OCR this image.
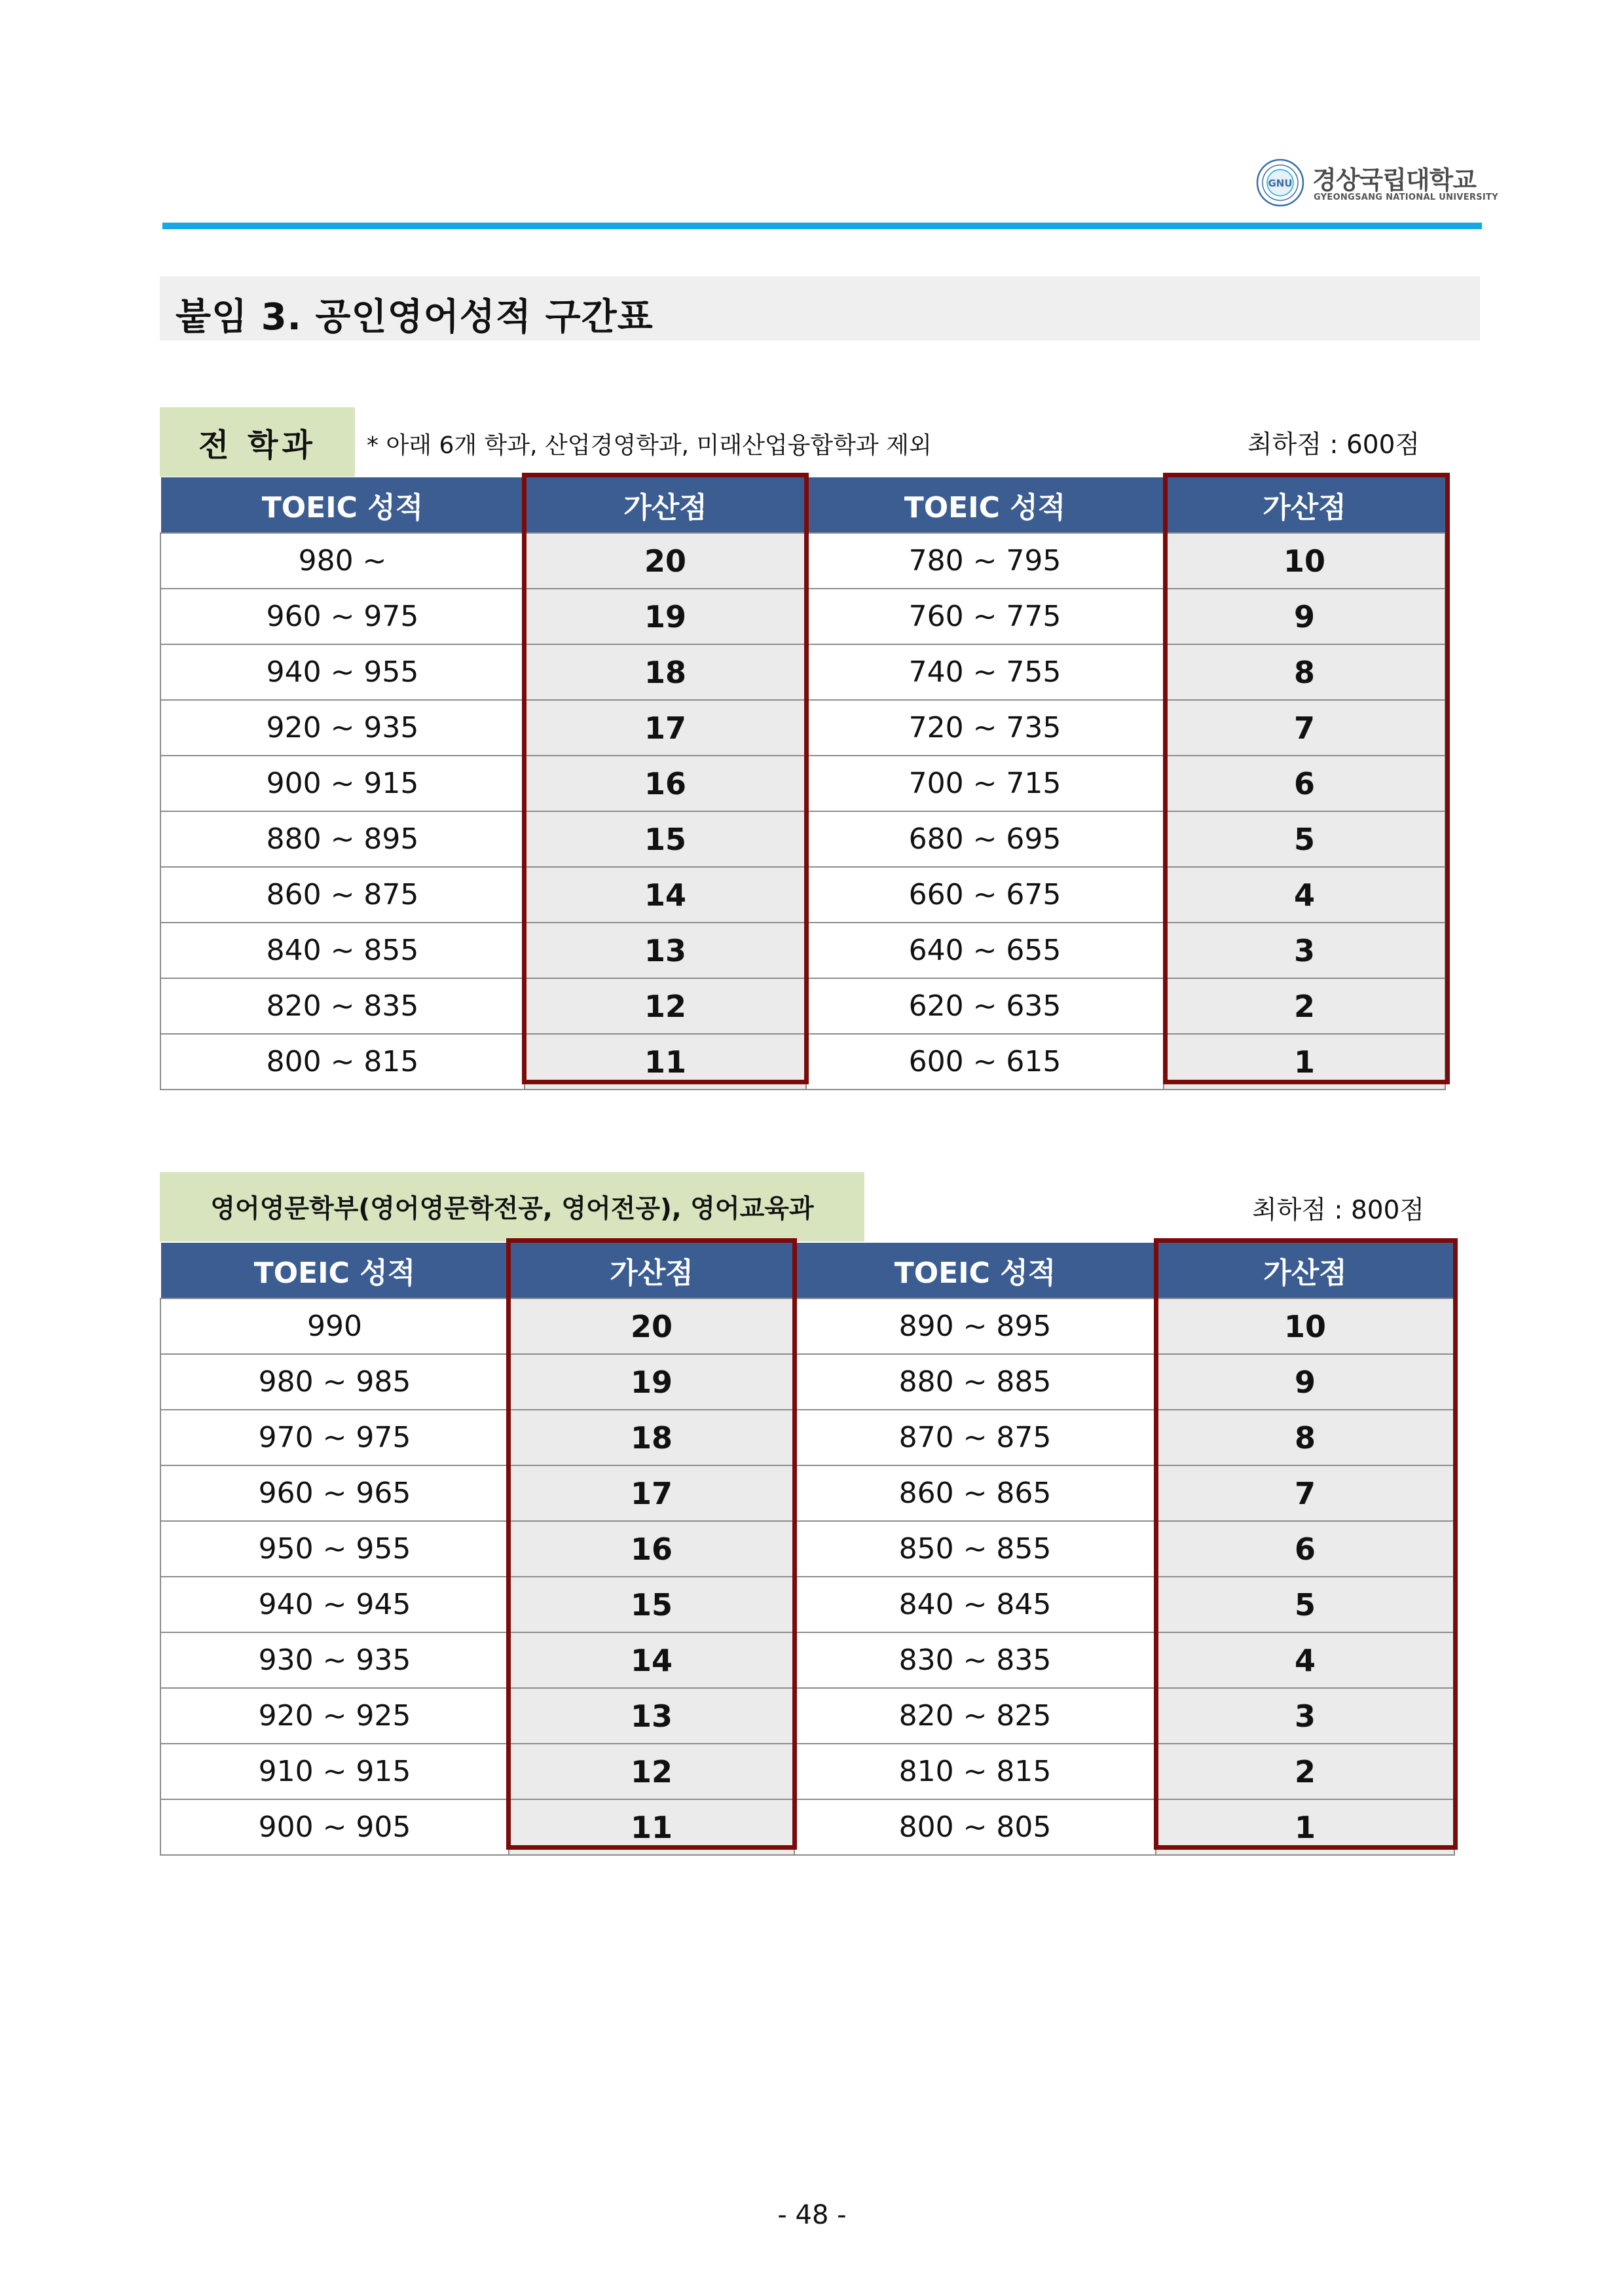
GNU 경상국립대학교
GYEONGSANG NATIONAL UNIVERSITY
붙임 3. 공인영어성적 구간표
전 학과	* 아래 6개 학과, 산업경영학과, 미래산업융합학과 제외	최하점 : 600점
TOEIC 성적	가산점	TOEIC 성적	가산점
980 ~	20	780 ~ 795	10
960 ~ 975	19	760 ~ 775	9
940 ~ 955	18	740 ~ 755	8
920 ~ 935	17	720 ~ 735	7
900 ~ 915	16	700 ~ 715	6
880 ~ 895	15	680 ~ 695	5
860 ~ 875	14	660 ~ 675	4
840 ~ 855	13	640 ~ 655	3
820 ~ 835	12	620 ~ 635	2
800 ~ 815	11	600 ~ 615	1
영어영문학부(영어영문학전공, 영어전공), 영어교육과	최하점 : 800점
TOEIC 성적	가산점	TOEIC 성적	가산점
990	20	890 ~ 895	10
980 ~ 985	19	880 ~ 885	9
970 ~ 975	18	870 ~ 875	8
960 ~ 965	17	860 ~ 865	7
950 ~ 955	16	850 ~ 855	6
940 ~ 945	15	840 ~ 845	5
930 ~ 935	14	830 ~ 835	4
920 ~ 925	13	820 ~ 825	3
910 ~ 915	12	810 ~ 815	2
900 ~ 905	11	800 ~ 805	1
- 48 -
